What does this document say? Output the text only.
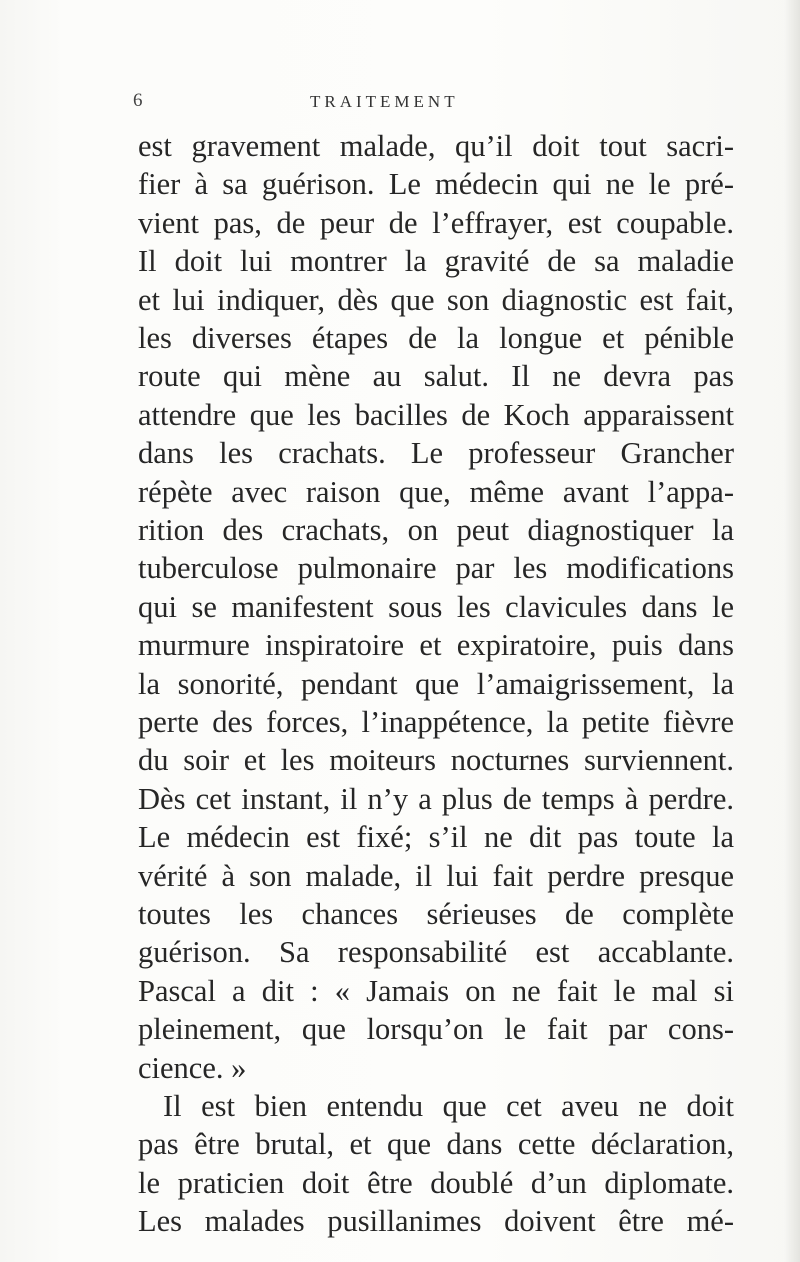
6	TRAITEMENT
est gravement malade, qu’il doit tout sacri-
fier à sa guérison. Le médecin qui ne le pré-
vient pas, de peur de l’effrayer, est coupable.
Il doit lui montrer la gravité de sa maladie
et lui indiquer, dès que son diagnostic est fait,
les diverses étapes de la longue et pénible
route qui mène au salut. Il ne devra pas
attendre que les bacilles de Koch apparaissent
dans les crachats. Le professeur Grancher
répète avec raison que, même avant l’appa-
rition des crachats, on peut diagnostiquer la
tuberculose pulmonaire par les modifications
qui se manifestent sous les clavicules dans le
murmure inspiratoire et expiratoire, puis dans
la sonorité, pendant que l’amaigrissement, la
perte des forces, l’inappétence, la petite fièvre
du soir et les moiteurs nocturnes surviennent.
Dès cet instant, il n’y a plus de temps à perdre.
Le médecin est fixé; s’il ne dit pas toute la
vérité à son malade, il lui fait perdre presque
toutes les chances sérieuses de complète
guérison. Sa responsabilité est accablante.
Pascal a dit : « Jamais on ne fait le mal si
pleinement, que lorsqu’on le fait par cons-
cience. »
Il est bien entendu que cet aveu ne doit
pas être brutal, et que dans cette déclaration,
le praticien doit être doublé d’un diplomate.
Les malades pusillanimes doivent être mé-
